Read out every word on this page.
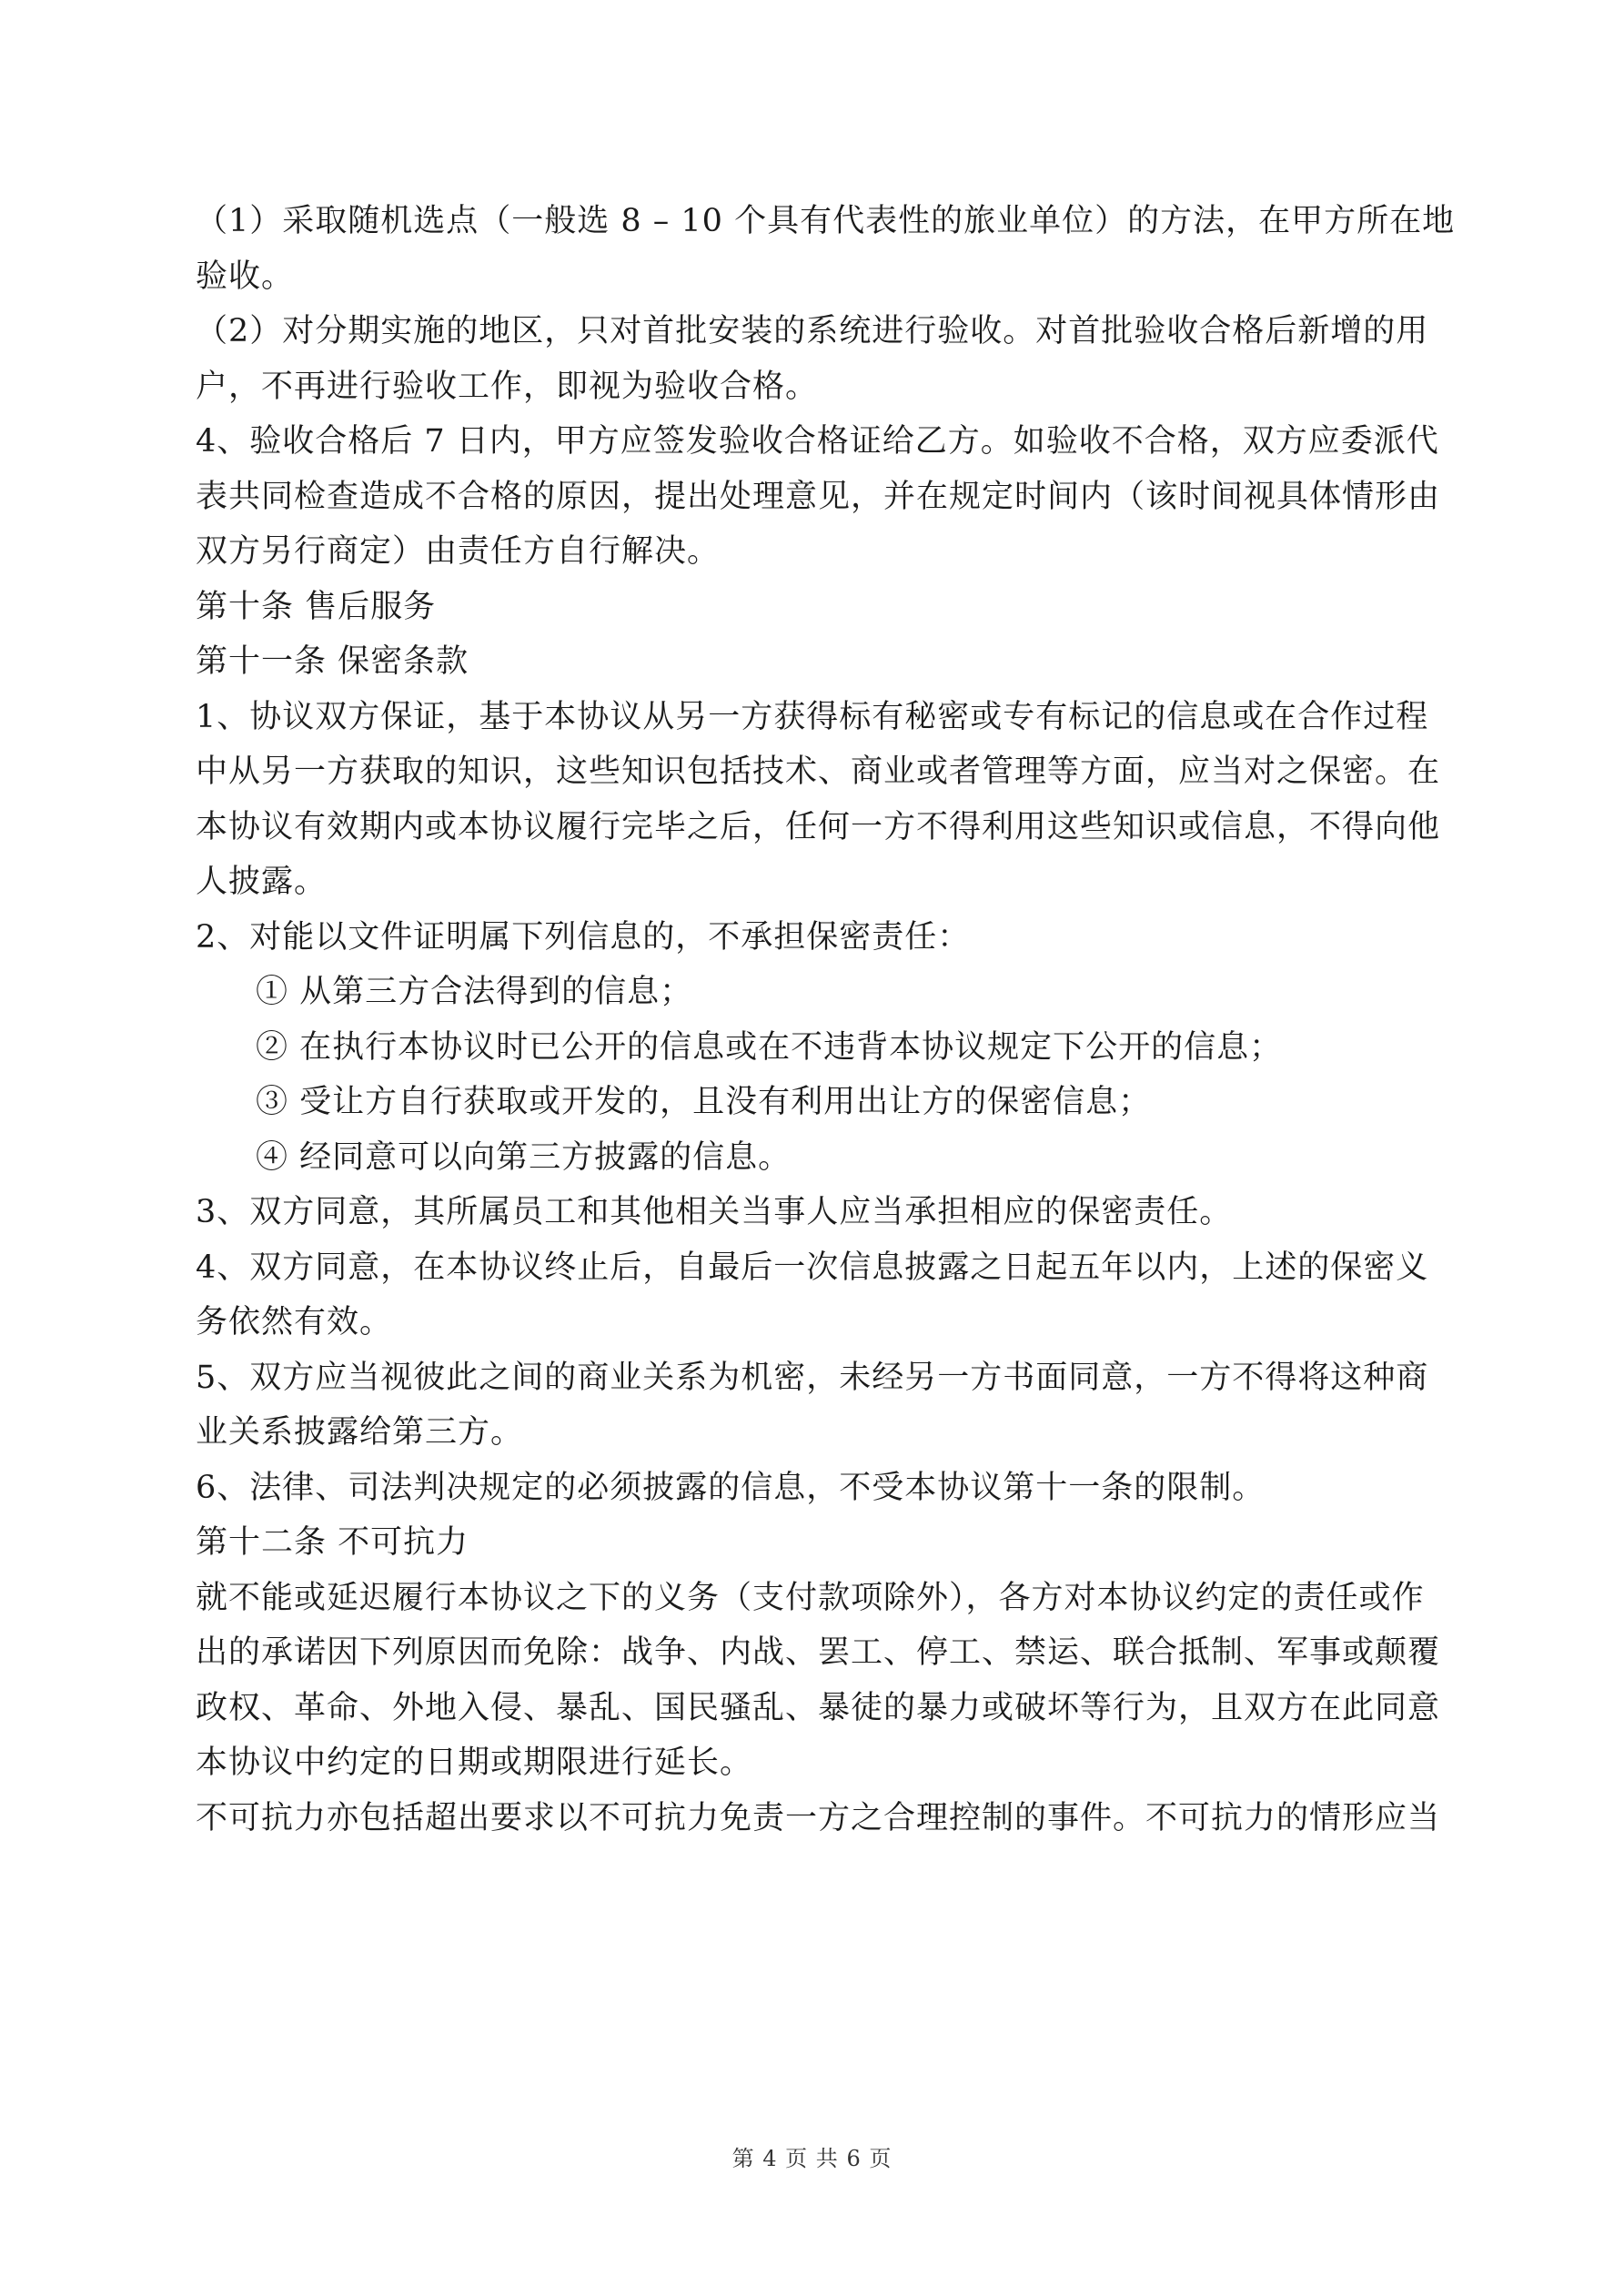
（1）采取随机选点（一般选 8 – 10 个具有代表性的旅业单位）的方法，在甲方所在地
验收。
（2）对分期实施的地区，只对首批安装的系统进行验收。对首批验收合格后新增的用
户，不再进行验收工作，即视为验收合格。
4、验收合格后 7 日内，甲方应签发验收合格证给乙方。如验收不合格，双方应委派代
表共同检查造成不合格的原因，提出处理意见，并在规定时间内（该时间视具体情形由
双方另行商定）由责任方自行解决。
第十条 售后服务
第十一条 保密条款
1、协议双方保证，基于本协议从另一方获得标有秘密或专有标记的信息或在合作过程
中从另一方获取的知识，这些知识包括技术、商业或者管理等方面，应当对之保密。在
本协议有效期内或本协议履行完毕之后，任何一方不得利用这些知识或信息，不得向他
人披露。
2、对能以文件证明属下列信息的，不承担保密责任：
① 从第三方合法得到的信息；
② 在执行本协议时已公开的信息或在不违背本协议规定下公开的信息；
③ 受让方自行获取或开发的，且没有利用出让方的保密信息；
④ 经同意可以向第三方披露的信息。
3、双方同意，其所属员工和其他相关当事人应当承担相应的保密责任。
4、双方同意，在本协议终止后，自最后一次信息披露之日起五年以内，上述的保密义
务依然有效。
5、双方应当视彼此之间的商业关系为机密，未经另一方书面同意，一方不得将这种商
业关系披露给第三方。
6、法律、司法判决规定的必须披露的信息，不受本协议第十一条的限制。
第十二条 不可抗力
就不能或延迟履行本协议之下的义务（支付款项除外），各方对本协议约定的责任或作
出的承诺因下列原因而免除：战争、内战、罢工、停工、禁运、联合抵制、军事或颠覆
政权、革命、外地入侵、暴乱、国民骚乱、暴徒的暴力或破坏等行为，且双方在此同意
本协议中约定的日期或期限进行延长。
不可抗力亦包括超出要求以不可抗力免责一方之合理控制的事件。不可抗力的情形应当
第 4 页 共 6 页
